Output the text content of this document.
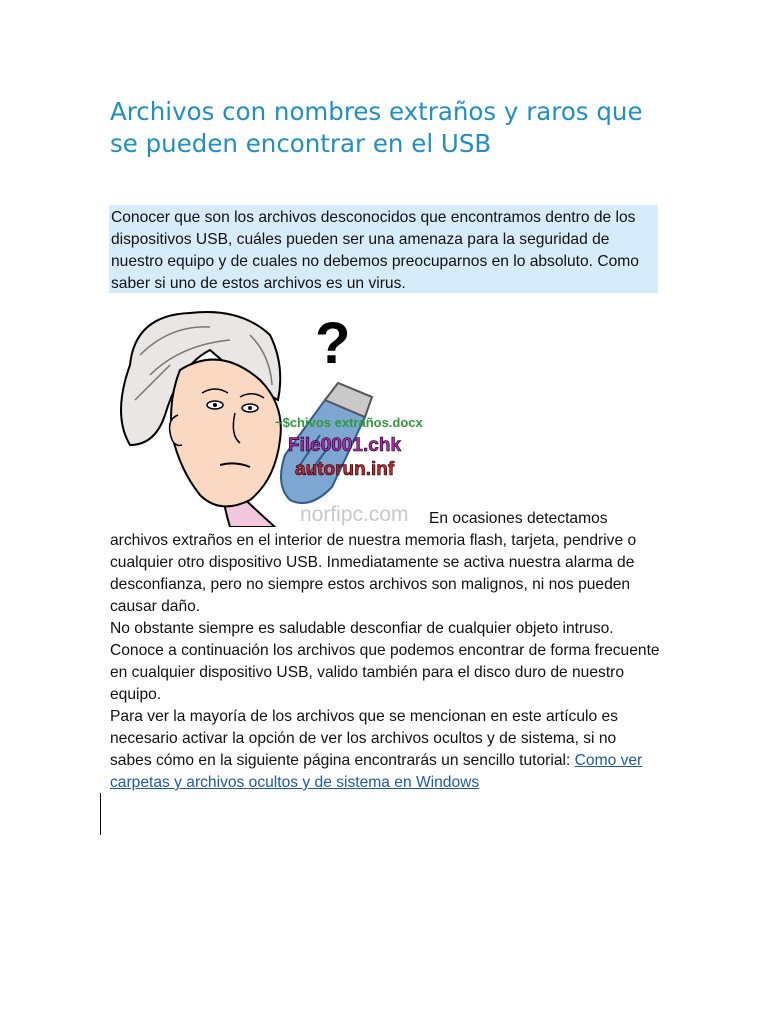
Archivos con nombres extraños y raros que se pueden encontrar en el USB

Conocer que son los archivos desconocidos que encontramos dentro de los dispositivos USB, cuáles pueden ser una amenaza para la seguridad de nuestro equipo y de cuales no debemos preocuparnos en lo absoluto. Como saber si uno de estos archivos es un virus.

?
~$chivos extraños.docx
File0001.chk
autorun.inf
norfipc.com En ocasiones detectamos

archivos extraños en el interior de nuestra memoria flash, tarjeta, pendrive o cualquier otro dispositivo USB. Inmediatamente se activa nuestra alarma de desconfianza, pero no siempre estos archivos son malignos, ni nos pueden causar daño.

No obstante siempre es saludable desconfiar de cualquier objeto intruso. Conoce a continuación los archivos que podemos encontrar de forma frecuente en cualquier dispositivo USB, valido también para el disco duro de nuestro equipo.

Para ver la mayoría de los archivos que se mencionan en este artículo es necesario activar la opción de ver los archivos ocultos y de sistema, si no sabes cómo en la siguiente página encontrarás un sencillo tutorial: Como ver carpetas y archivos ocultos y de sistema en Windows
